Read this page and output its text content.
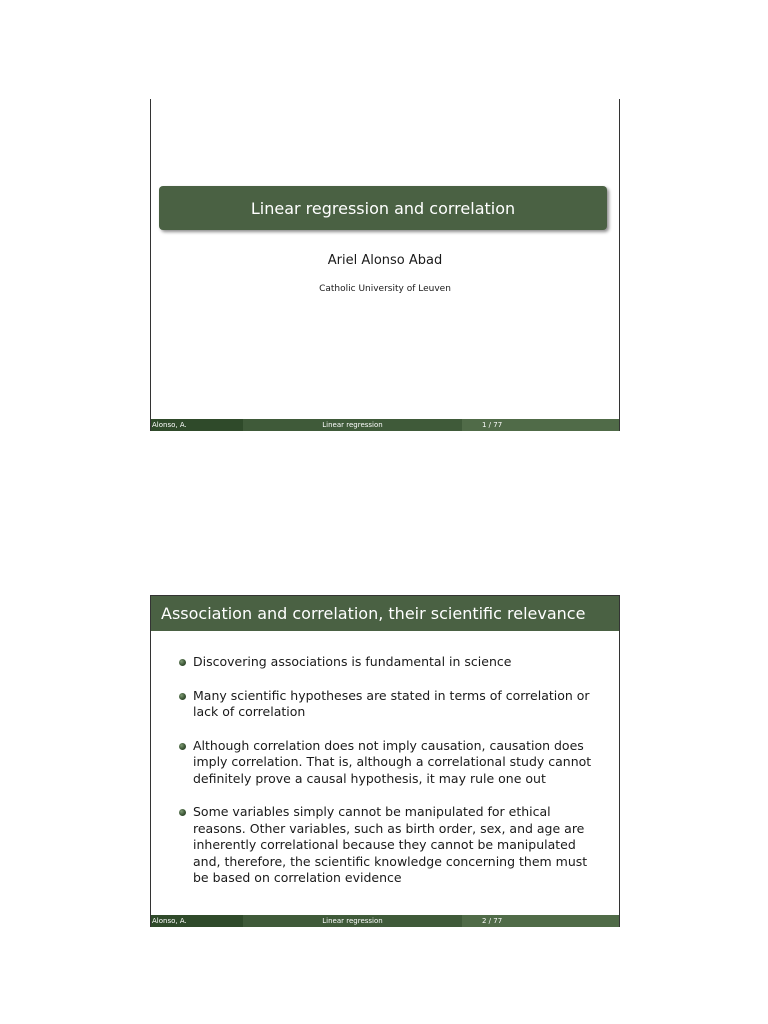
Linear regression and correlation
Ariel Alonso Abad
Catholic University of Leuven
Alonso, A.	Linear regression	1 / 77
Association and correlation, their scientific relevance
Discovering associations is fundamental in science
Many scientific hypotheses are stated in terms of correlation or lack of correlation
Although correlation does not imply causation, causation does imply correlation. That is, although a correlational study cannot definitely prove a causal hypothesis, it may rule one out
Some variables simply cannot be manipulated for ethical reasons. Other variables, such as birth order, sex, and age are inherently correlational because they cannot be manipulated and, therefore, the scientific knowledge concerning them must be based on correlation evidence
Alonso, A.	Linear regression	2 / 77
